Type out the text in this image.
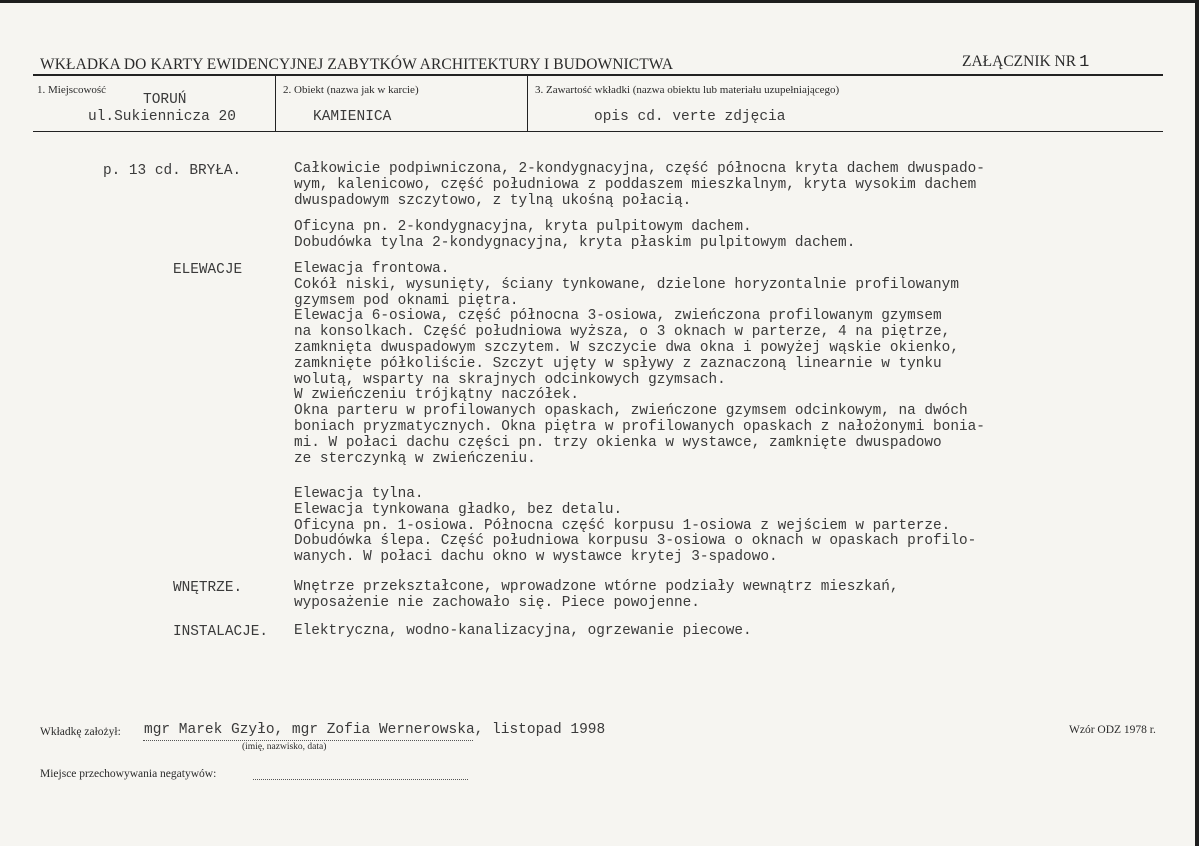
WKŁADKA DO KARTY EWIDENCYJNEJ ZABYTKÓW ARCHITEKTURY I BUDOWNICTWA	ZAŁĄCZNIK NR 1
1. Miejscowość
TORUŃ
ul.Sukiennicza 20
2. Obiekt (nazwa jak w karcie)
KAMIENICA
3. Zawartość wkładki (nazwa obiektu lub materiału uzupełniającego)
opis cd. verte zdjęcia
p. 13 cd. BRYŁA.
ELEWACJE
WNĘTRZE.
INSTALACJE.
Całkowicie podpiwniczona, 2-kondygnacyjna, część północna kryta dachem dwuspado-
wym, kalenicowo, część południowa z poddaszem mieszkalnym, kryta wysokim dachem
dwuspadowym szczytowo, z tylną ukośną połacią.
Oficyna pn. 2-kondygnacyjna, kryta pulpitowym dachem.
Dobudówka tylna 2-kondygnacyjna, kryta płaskim pulpitowym dachem.
Elewacja frontowa.
Cokół niski, wysunięty, ściany tynkowane, dzielone horyzontalnie profilowanym
gzymsem pod oknami piętra.
Elewacja 6-osiowa, część północna 3-osiowa, zwieńczona profilowanym gzymsem
na konsolkach. Część południowa wyższa, o 3 oknach w parterze, 4 na piętrze,
zamknięta dwuspadowym szczytem. W szczycie dwa okna i powyżej wąskie okienko,
zamknięte półkoliście. Szczyt ujęty w spływy z zaznaczoną linearnie w tynku
wolutą, wsparty na skrajnych odcinkowych gzymsach.
W zwieńczeniu trójkątny naczółek.
Okna parteru w profilowanych opaskach, zwieńczone gzymsem odcinkowym, na dwóch
boniach pryzmatycznych. Okna piętra w profilowanych opaskach z nałożonymi bonia-
mi. W połaci dachu części pn. trzy okienka w wystawce, zamknięte dwuspadowo
ze sterczynką w zwieńczeniu.
Elewacja tylna.
Elewacja tynkowana gładko, bez detalu.
Oficyna pn. 1-osiowa. Północna część korpusu 1-osiowa z wejściem w parterze.
Dobudówka ślepa. Część południowa korpusu 3-osiowa o oknach w opaskach profilo-
wanych. W połaci dachu okno w wystawce krytej 3-spadowo.
Wnętrze przekształcone, wprowadzone wtórne podziały wewnątrz mieszkań,
wyposażenie nie zachowało się. Piece powojenne.
Elektryczna, wodno-kanalizacyjna, ogrzewanie piecowe.
Wkładkę założył: mgr Marek Gzyło, mgr Zofia Wernerowska, listopad 1998
(imię, nazwisko, data)
Wzór ODZ 1978 r.
Miejsce przechowywania negatywów:
